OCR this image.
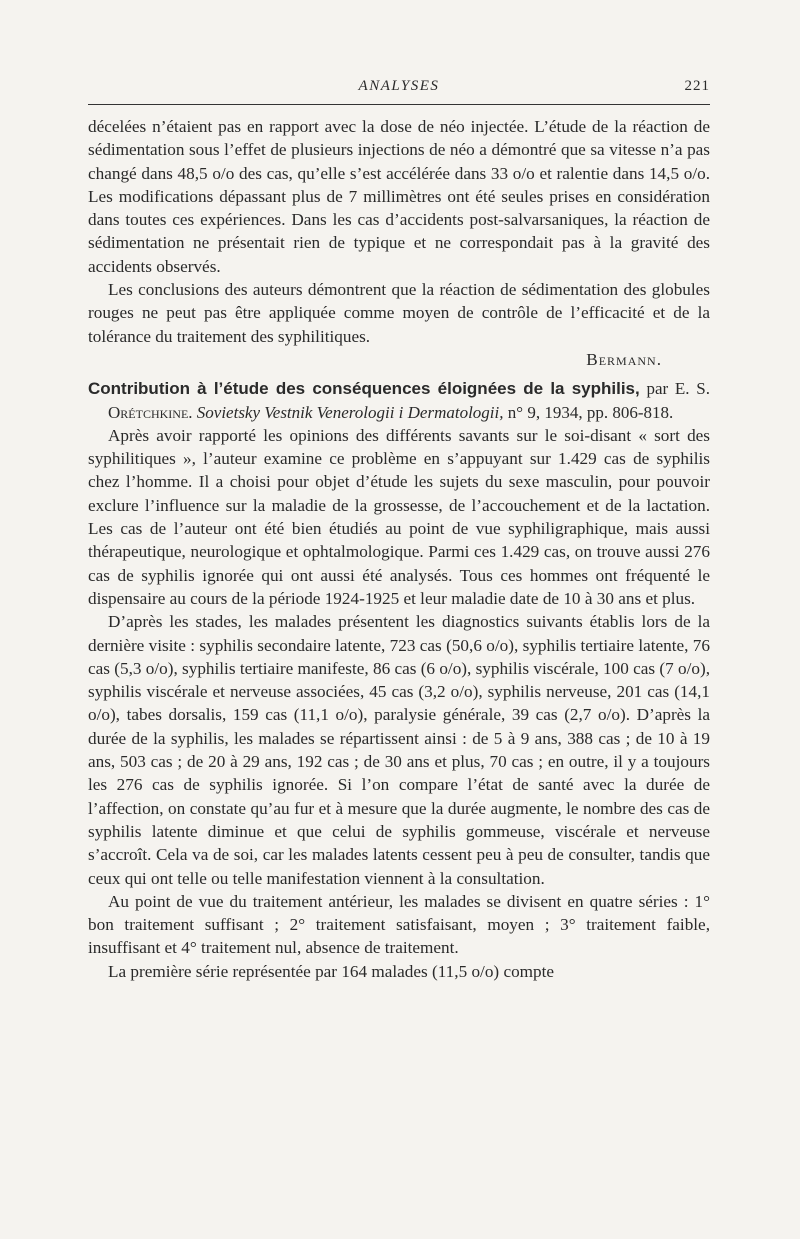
ANALYSES	221

décelées n’étaient pas en rapport avec la dose de néo injectée. L’étude de la réaction de sédimentation sous l’effet de plusieurs injections de néo a démontré que sa vitesse n’a pas changé dans 48,5 o/o des cas, qu’elle s’est accélérée dans 33 o/o et ralentie dans 14,5 o/o. Les modifications dépassant plus de 7 millimètres ont été seules prises en considération dans toutes ces expériences. Dans les cas d’accidents post-salvarsaniques, la réaction de sédimentation ne présentait rien de typique et ne correspondait pas à la gravité des accidents observés.

Les conclusions des auteurs démontrent que la réaction de sédimentation des globules rouges ne peut pas être appliquée comme moyen de contrôle de l’efficacité et de la tolérance du traitement des syphilitiques.

Bermann.

Contribution à l’étude des conséquences éloignées de la syphilis, par E. S. Orétchkine. Sovietsky Vestnik Venerologii i Dermatologii, n° 9, 1934, pp. 806-818.

Après avoir rapporté les opinions des différents savants sur le soi-disant « sort des syphilitiques », l’auteur examine ce problème en s’appuyant sur 1.429 cas de syphilis chez l’homme. Il a choisi pour objet d’étude les sujets du sexe masculin, pour pouvoir exclure l’influence sur la maladie de la grossesse, de l’accouchement et de la lactation. Les cas de l’auteur ont été bien étudiés au point de vue syphiligraphique, mais aussi thérapeutique, neurologique et ophtalmologique. Parmi ces 1.429 cas, on trouve aussi 276 cas de syphilis ignorée qui ont aussi été analysés. Tous ces hommes ont fréquenté le dispensaire au cours de la période 1924-1925 et leur maladie date de 10 à 30 ans et plus.

D’après les stades, les malades présentent les diagnostics suivants établis lors de la dernière visite : syphilis secondaire latente, 723 cas (50,6 o/o), syphilis tertiaire latente, 76 cas (5,3 o/o), syphilis tertiaire manifeste, 86 cas (6 o/o), syphilis viscérale, 100 cas (7 o/o), syphilis viscérale et nerveuse associées, 45 cas (3,2 o/o), syphilis nerveuse, 201 cas (14,1 o/o), tabes dorsalis, 159 cas (11,1 o/o), paralysie générale, 39 cas (2,7 o/o). D’après la durée de la syphilis, les malades se répartissent ainsi : de 5 à 9 ans, 388 cas ; de 10 à 19 ans, 503 cas ; de 20 à 29 ans, 192 cas ; de 30 ans et plus, 70 cas ; en outre, il y a toujours les 276 cas de syphilis ignorée. Si l’on compare l’état de santé avec la durée de l’affection, on constate qu’au fur et à mesure que la durée augmente, le nombre des cas de syphilis latente diminue et que celui de syphilis gommeuse, viscérale et nerveuse s’accroît. Cela va de soi, car les malades latents cessent peu à peu de consulter, tandis que ceux qui ont telle ou telle manifestation viennent à la consultation.

Au point de vue du traitement antérieur, les malades se divisent en quatre séries : 1° bon traitement suffisant ; 2° traitement satisfaisant, moyen ; 3° traitement faible, insuffisant et 4° traitement nul, absence de traitement.

La première série représentée par 164 malades (11,5 o/o) compte
